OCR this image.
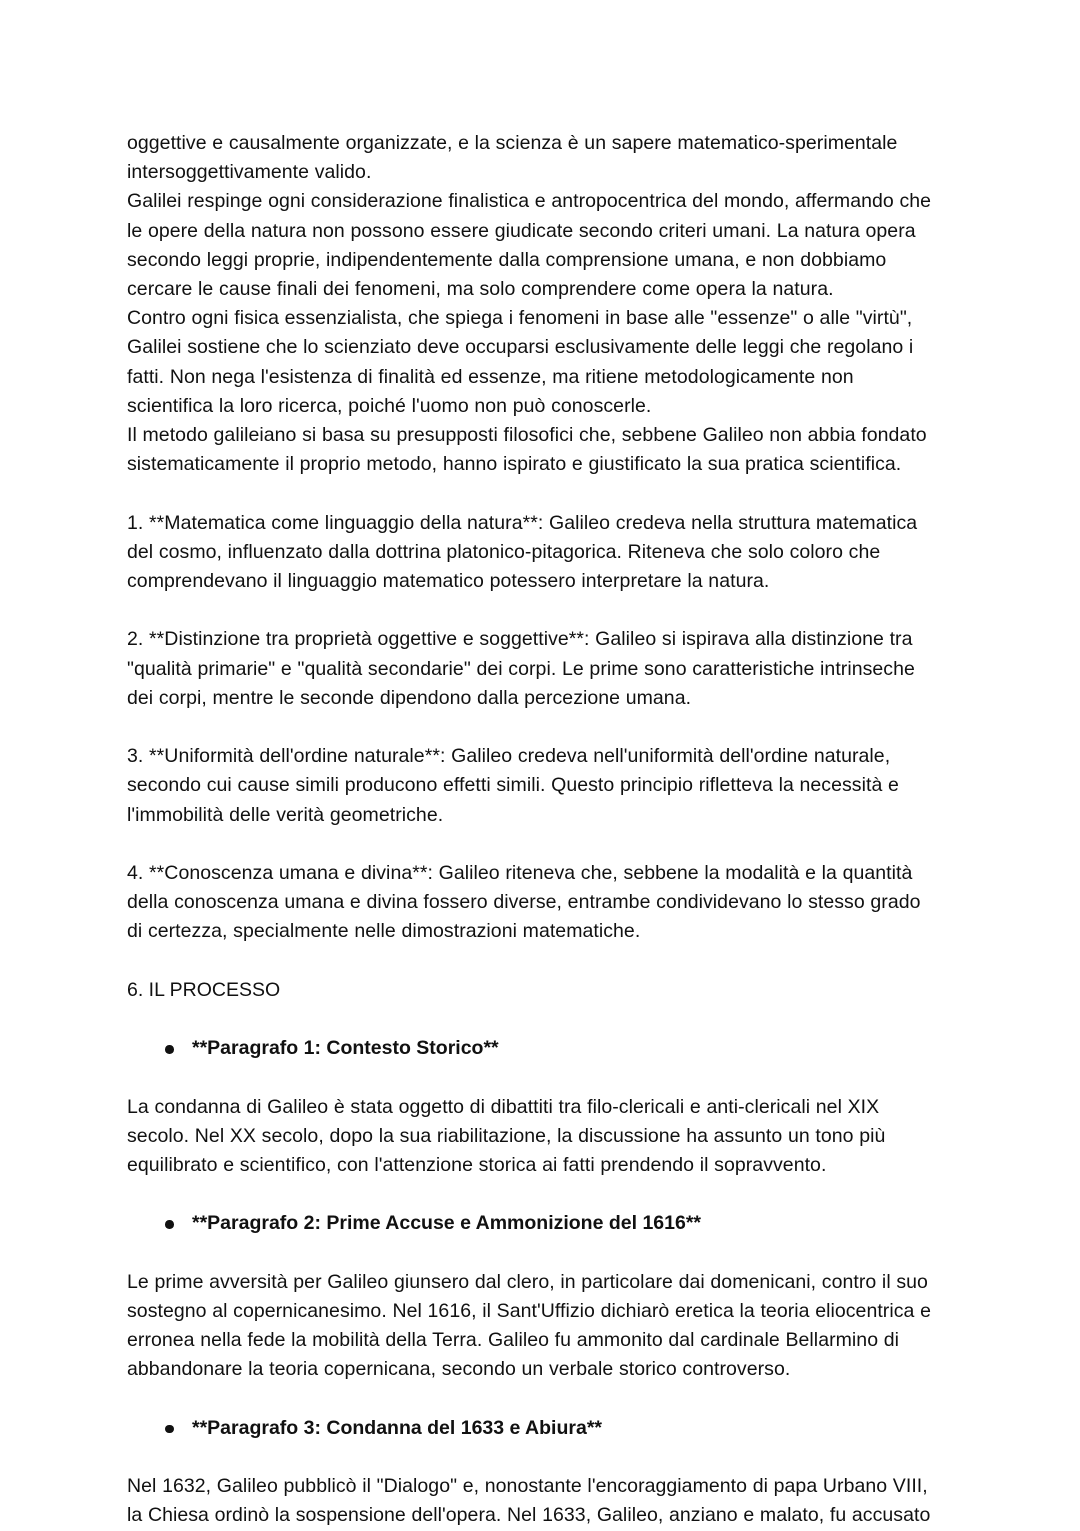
oggettive e causalmente organizzate, e la scienza è un sapere matematico-sperimentale

intersoggettivamente valido.

Galilei respinge ogni considerazione finalistica e antropocentrica del mondo, affermando che

le opere della natura non possono essere giudicate secondo criteri umani. La natura opera

secondo leggi proprie, indipendentemente dalla comprensione umana, e non dobbiamo

cercare le cause finali dei fenomeni, ma solo comprendere come opera la natura.

Contro ogni fisica essenzialista, che spiega i fenomeni in base alle "essenze" o alle "virtù",

Galilei sostiene che lo scienziato deve occuparsi esclusivamente delle leggi che regolano i

fatti. Non nega l'esistenza di finalità ed essenze, ma ritiene metodologicamente non

scientifica la loro ricerca, poiché l'uomo non può conoscerle.

Il metodo galileiano si basa su presupposti filosofici che, sebbene Galileo non abbia fondato

sistematicamente il proprio metodo, hanno ispirato e giustificato la sua pratica scientifica.

1. **Matematica come linguaggio della natura**: Galileo credeva nella struttura matematica

del cosmo, influenzato dalla dottrina platonico-pitagorica. Riteneva che solo coloro che

comprendevano il linguaggio matematico potessero interpretare la natura.

2. **Distinzione tra proprietà oggettive e soggettive**: Galileo si ispirava alla distinzione tra

"qualità primarie" e "qualità secondarie" dei corpi. Le prime sono caratteristiche intrinseche

dei corpi, mentre le seconde dipendono dalla percezione umana.

3. **Uniformità dell'ordine naturale**: Galileo credeva nell'uniformità dell'ordine naturale,

secondo cui cause simili producono effetti simili. Questo principio rifletteva la necessità e

l'immobilità delle verità geometriche.

4. **Conoscenza umana e divina**: Galileo riteneva che, sebbene la modalità e la quantità

della conoscenza umana e divina fossero diverse, entrambe condividevano lo stesso grado

di certezza, specialmente nelle dimostrazioni matematiche.

6. IL PROCESSO

**Paragrafo 1: Contesto Storico**

La condanna di Galileo è stata oggetto di dibattiti tra filo-clericali e anti-clericali nel XIX

secolo. Nel XX secolo, dopo la sua riabilitazione, la discussione ha assunto un tono più

equilibrato e scientifico, con l'attenzione storica ai fatti prendendo il sopravvento.

**Paragrafo 2: Prime Accuse e Ammonizione del 1616**

Le prime avversità per Galileo giunsero dal clero, in particolare dai domenicani, contro il suo

sostegno al copernicanesimo. Nel 1616, il Sant'Uffizio dichiarò eretica la teoria eliocentrica e

erronea nella fede la mobilità della Terra. Galileo fu ammonito dal cardinale Bellarmino di

abbandonare la teoria copernicana, secondo un verbale storico controverso.

**Paragrafo 3: Condanna del 1633 e Abiura**

Nel 1632, Galileo pubblicò il "Dialogo" e, nonostante l'encoraggiamento di papa Urbano VIII,

la Chiesa ordinò la sospensione dell'opera. Nel 1633, Galileo, anziano e malato, fu accusato
